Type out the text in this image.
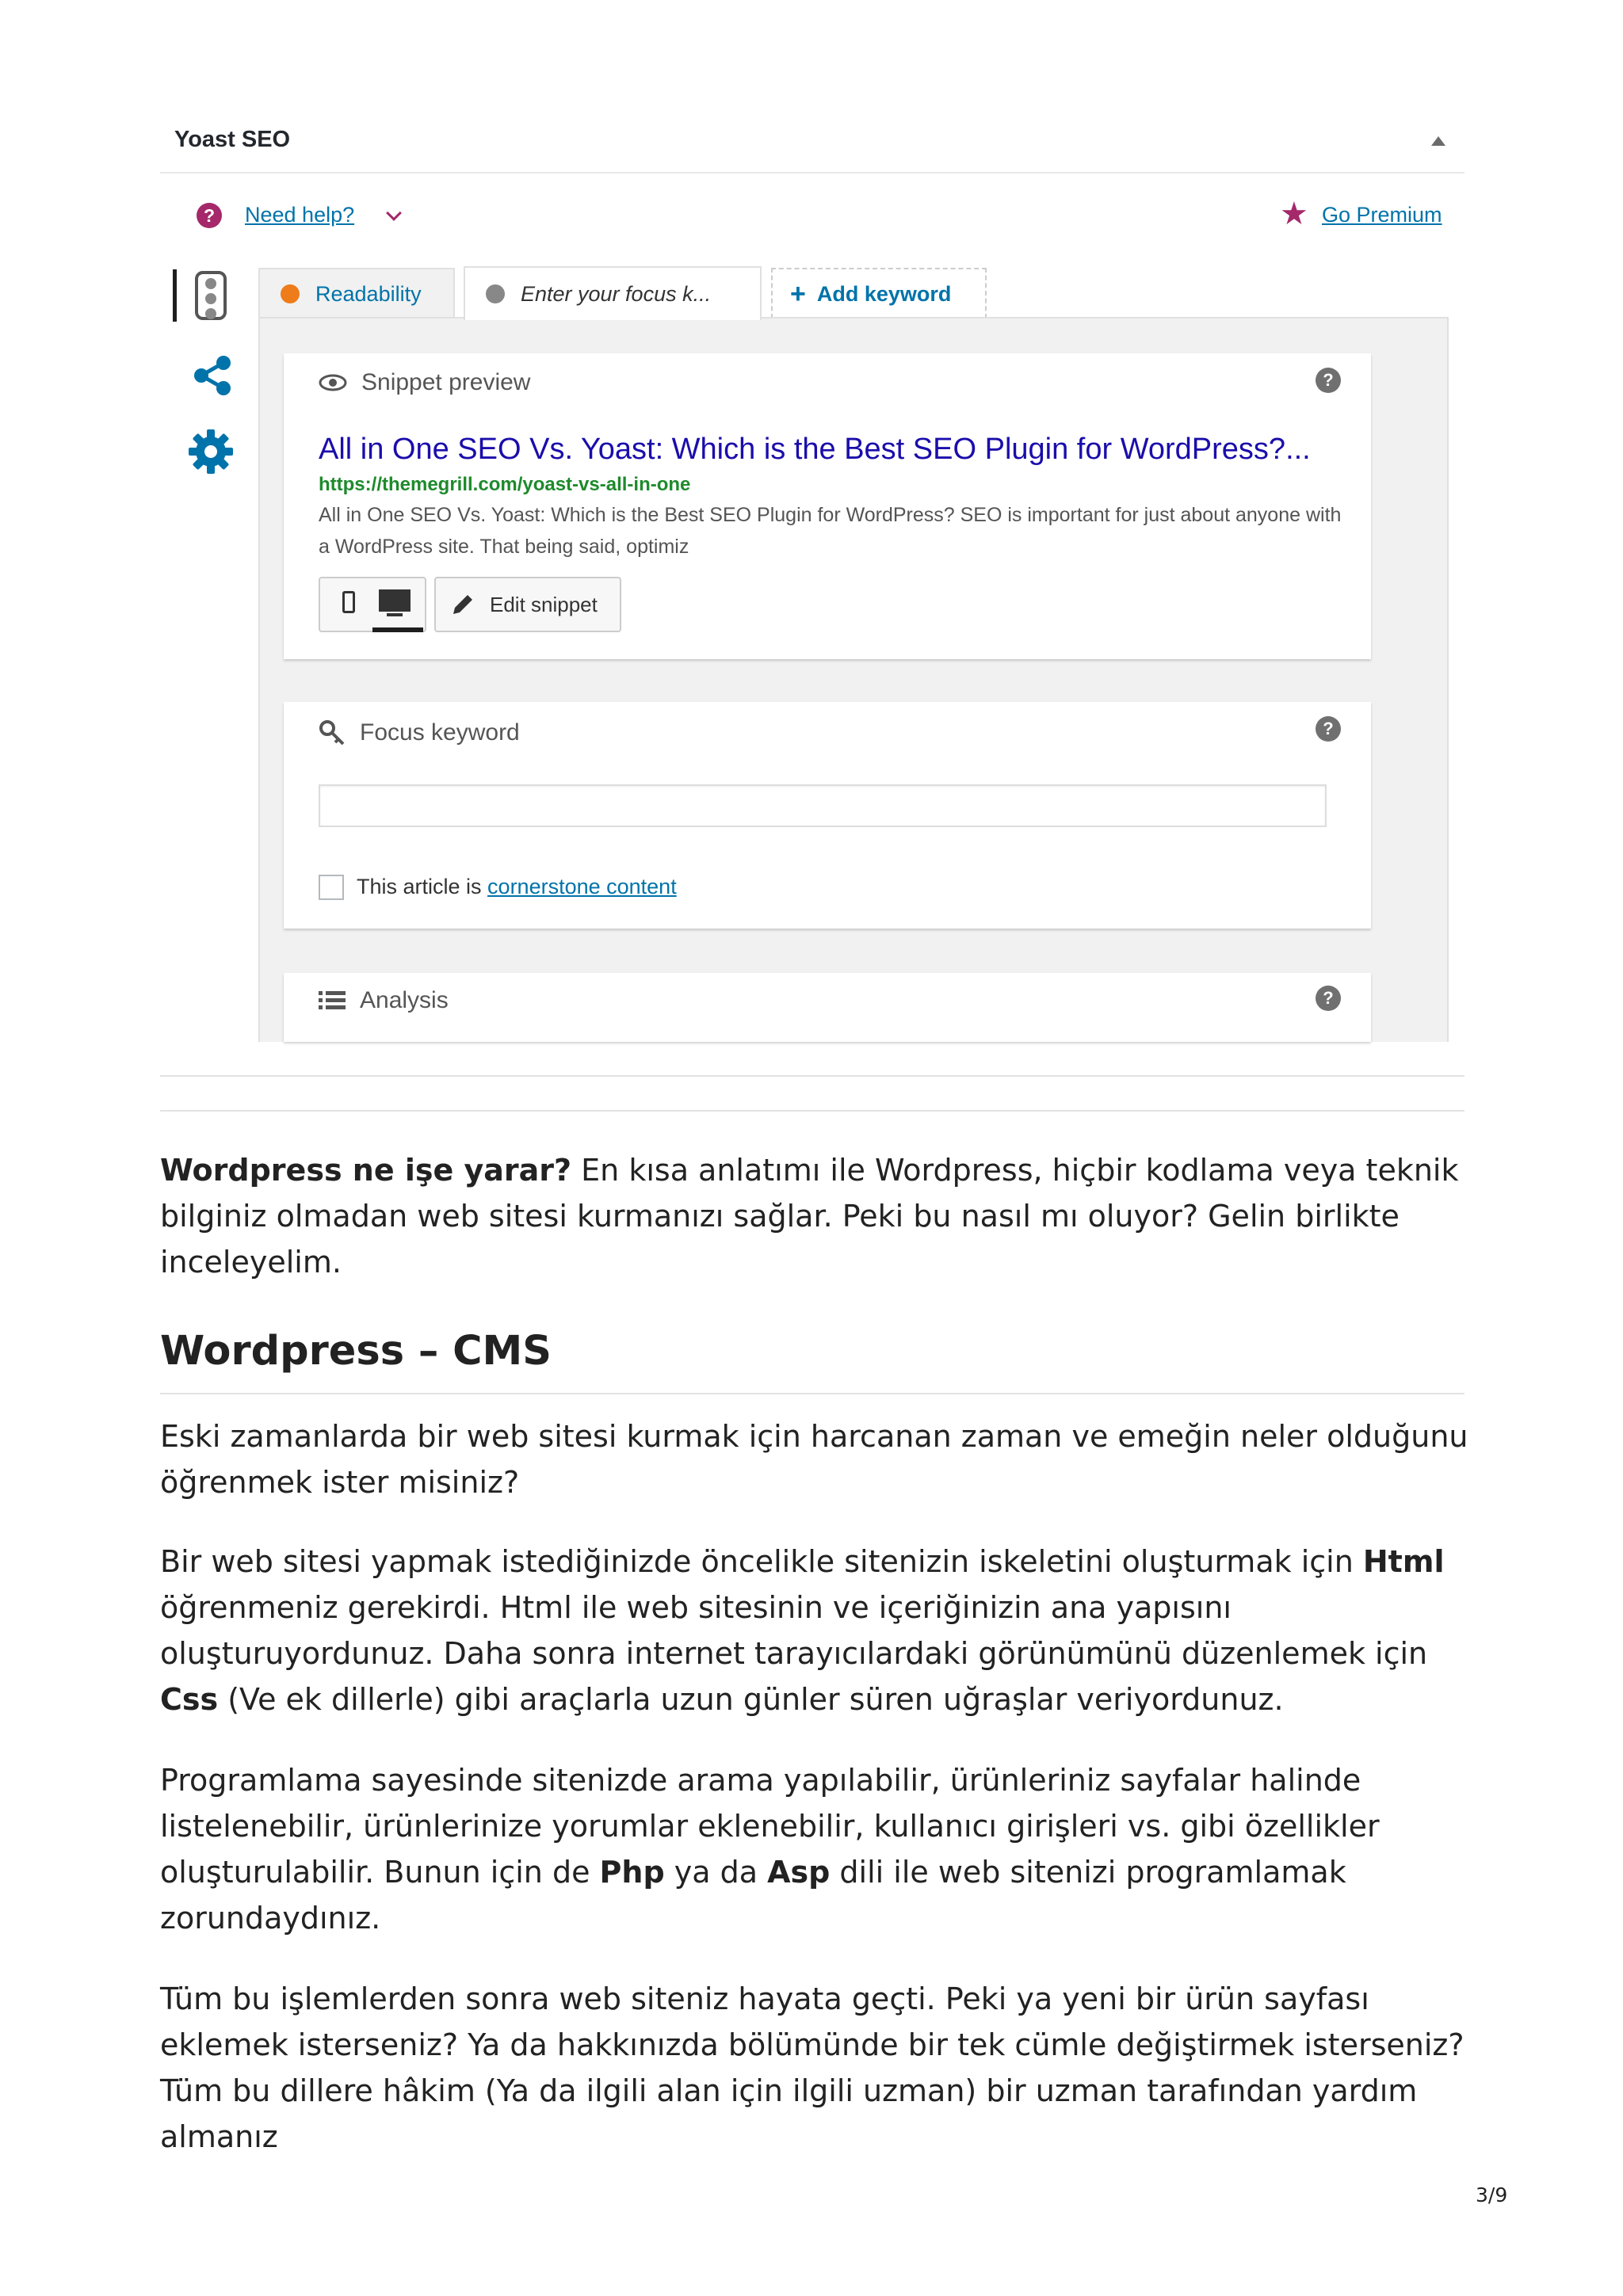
Yoast SEO
?	Need help?	★ Go Premium
Readability	Enter your focus k...	+ Add keyword
Snippet preview	?
All in One SEO Vs. Yoast: Which is the Best SEO Plugin for WordPress?...
https://themegrill.com/yoast-vs-all-in-one
All in One SEO Vs. Yoast: Which is the Best SEO Plugin for WordPress? SEO is important for just about anyone with a WordPress site. That being said, optimiz
Edit snippet
Focus keyword	?
This article is cornerstone content
Analysis	?

Wordpress ne işe yarar? En kısa anlatımı ile Wordpress, hiçbir kodlama veya teknik bilginiz olmadan web sitesi kurmanızı sağlar. Peki bu nasıl mı oluyor? Gelin birlikte inceleyelim.

Wordpress – CMS

Eski zamanlarda bir web sitesi kurmak için harcanan zaman ve emeğin neler olduğunu öğrenmek ister misiniz?

Bir web sitesi yapmak istediğinizde öncelikle sitenizin iskeletini oluşturmak için Html öğrenmeniz gerekirdi. Html ile web sitesinin ve içeriğinizin ana yapısını oluşturuyordunuz. Daha sonra internet tarayıcılardaki görünümünü düzenlemek için Css (Ve ek dillerle) gibi araçlarla uzun günler süren uğraşlar veriyordunuz.

Programlama sayesinde sitenizde arama yapılabilir, ürünleriniz sayfalar halinde listelenebilir, ürünlerinize yorumlar eklenebilir, kullanıcı girişleri vs. gibi özellikler oluşturulabilir. Bunun için de Php ya da Asp dili ile web sitenizi programlamak zorundaydınız.

Tüm bu işlemlerden sonra web siteniz hayata geçti. Peki ya yeni bir ürün sayfası eklemek isterseniz? Ya da hakkınızda bölümünde bir tek cümle değiştirmek isterseniz? Tüm bu dillere hâkim (Ya da ilgili alan için ilgili uzman) bir uzman tarafından yardım almanız

3/9
